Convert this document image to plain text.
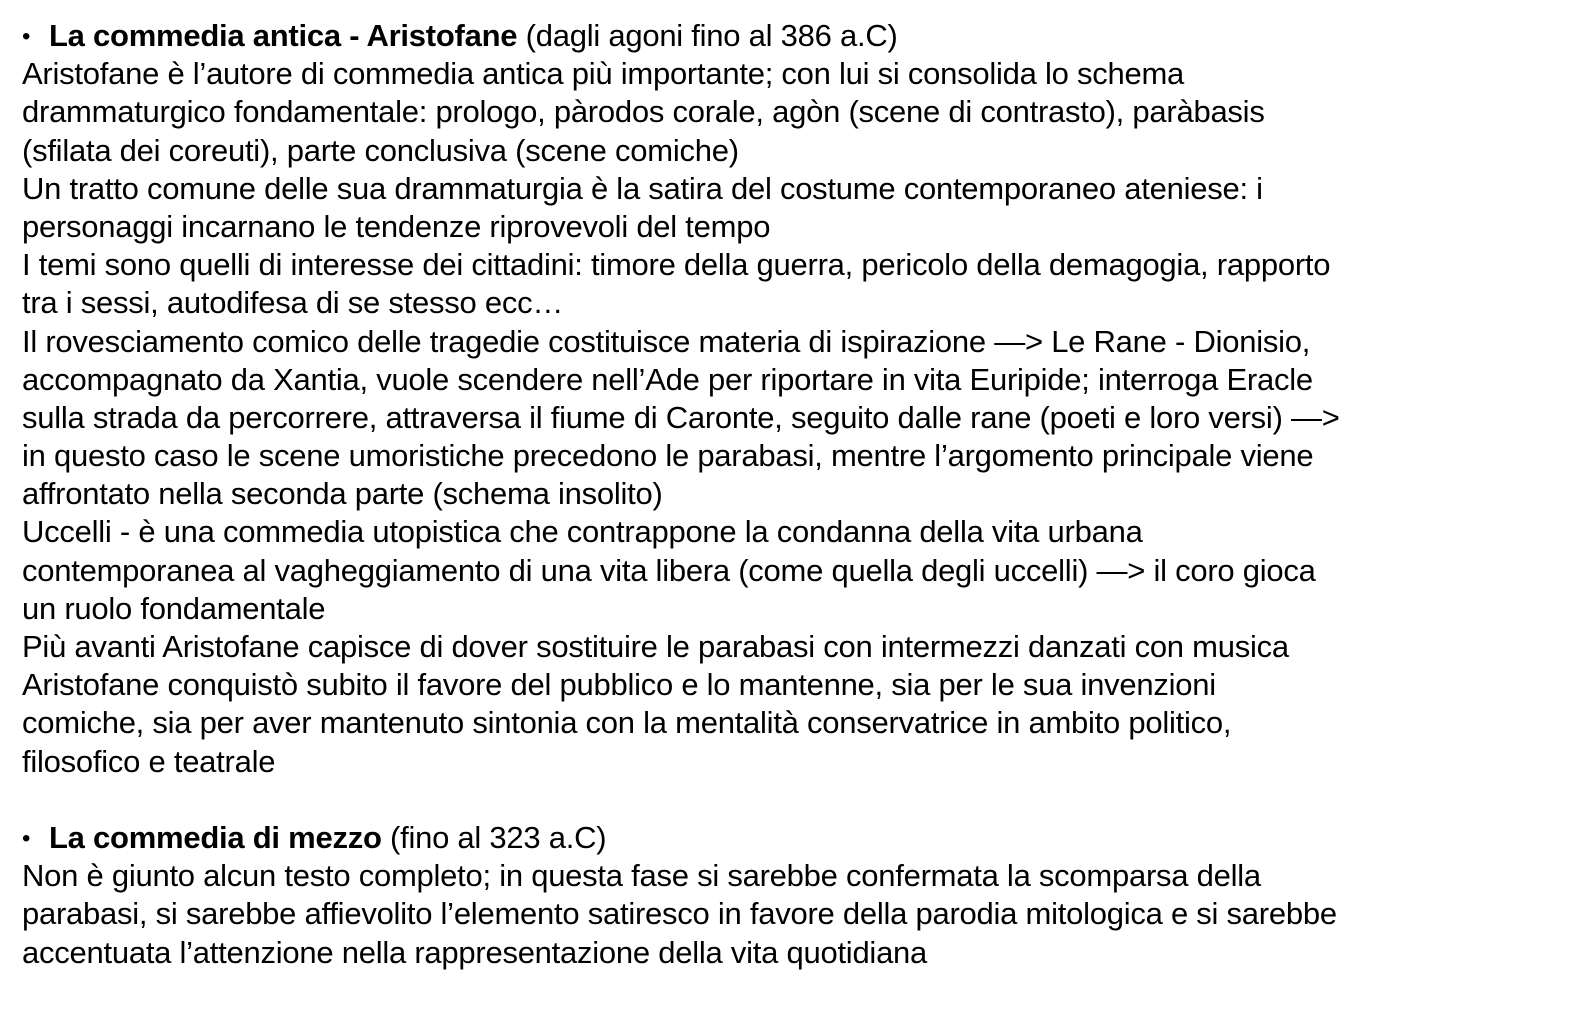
• La commedia antica - Aristofane (dagli agoni fino al 386 a.C)
Aristofane è l’autore di commedia antica più importante; con lui si consolida lo schema
drammaturgico fondamentale: prologo, pàrodos corale, agòn (scene di contrasto), paràbasis
(sfilata dei coreuti), parte conclusiva (scene comiche)
Un tratto comune delle sua drammaturgia è la satira del costume contemporaneo ateniese: i
personaggi incarnano le tendenze riprovevoli del tempo
I temi sono quelli di interesse dei cittadini: timore della guerra, pericolo della demagogia, rapporto
tra i sessi, autodifesa di se stesso ecc…
Il rovesciamento comico delle tragedie costituisce materia di ispirazione —> Le Rane - Dionisio,
accompagnato da Xantia, vuole scendere nell’Ade per riportare in vita Euripide; interroga Eracle
sulla strada da percorrere, attraversa il fiume di Caronte, seguito dalle rane (poeti e loro versi) —>
in questo caso le scene umoristiche precedono le parabasi, mentre l’argomento principale viene
affrontato nella seconda parte (schema insolito)
Uccelli - è una commedia utopistica che contrappone la condanna della vita urbana
contemporanea al vagheggiamento di una vita libera (come quella degli uccelli) —> il coro gioca
un ruolo fondamentale
Più avanti Aristofane capisce di dover sostituire le parabasi con intermezzi danzati con musica
Aristofane conquistò subito il favore del pubblico e lo mantenne, sia per le sua invenzioni
comiche, sia per aver mantenuto sintonia con la mentalità conservatrice in ambito politico,
filosofico e teatrale
• La commedia di mezzo (fino al 323 a.C)
Non è giunto alcun testo completo; in questa fase si sarebbe confermata la scomparsa della
parabasi, si sarebbe affievolito l’elemento satiresco in favore della parodia mitologica e si sarebbe
accentuata l’attenzione nella rappresentazione della vita quotidiana
